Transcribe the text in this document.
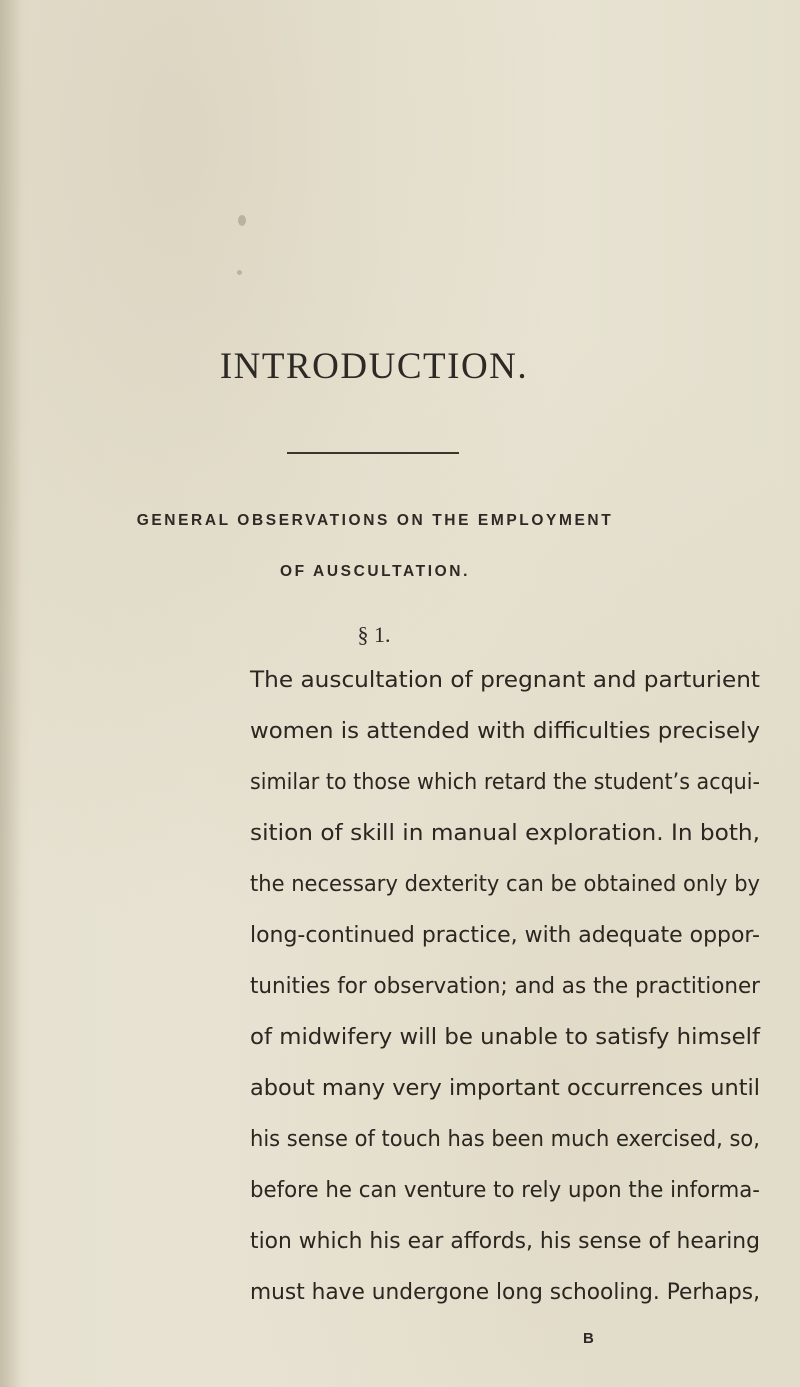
INTRODUCTION.
GENERAL OBSERVATIONS ON THE EMPLOYMENT
OF AUSCULTATION.
§ 1.
The auscultation of pregnant and parturient
women is attended with difficulties precisely
similar to those which retard the student’s acqui-
sition of skill in manual exploration. In both,
the necessary dexterity can be obtained only by
long-continued practice, with adequate oppor-
tunities for observation; and as the practitioner
of midwifery will be unable to satisfy himself
about many very important occurrences until
his sense of touch has been much exercised, so,
before he can venture to rely upon the informa-
tion which his ear affords, his sense of hearing
must have undergone long schooling. Perhaps,
B
